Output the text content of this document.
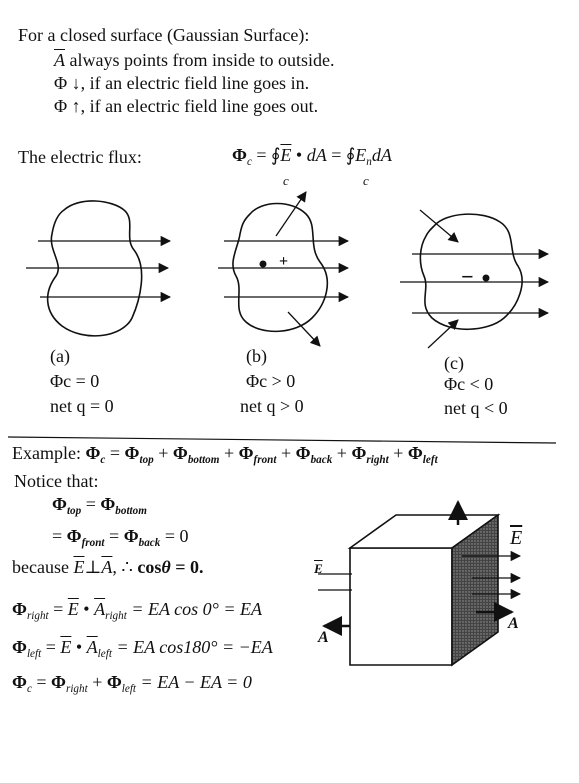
For a closed surface (Gaussian Surface):
$\overline{A}$ always points from inside to outside.
Φ ↓, if an electric field line goes in.
Φ ↑, if an electric field line goes out.
The electric flux:	$\Phi_c$ = $∮\overline{E}$ • dA = $∮E_ndA$
c	c
+
−
(a)
Φc = 0
net q = 0
(b)
Φc > 0
net q > 0
(c)
Φc < 0
net q < 0
Example: $\Phi_c = \Phi_{top} + \Phi_{bottom} + \Phi_{front} + \Phi_{back} + \Phi_{right} + \Phi_{left}$
Notice that:
$\Phi_{top} = \Phi_{bottom}$
= $\Phi_{front} = \Phi_{back} = 0$
because $\overline{E}\perp\overline{A}$, ∴ cosθ = 0.
$\Phi_{right} = \overline{E}$ • $\overline{A}_{right}$ = EA cos 0° = EA
$\Phi_{left} = \overline{E}$ • $\overline{A}_{left}$ = EA cos180° = −EA
$\Phi_c = \Phi_{right} + \Phi_{left}$ = EA − EA = 0
$\overline{E}$
$\overline{E}$
A
A
